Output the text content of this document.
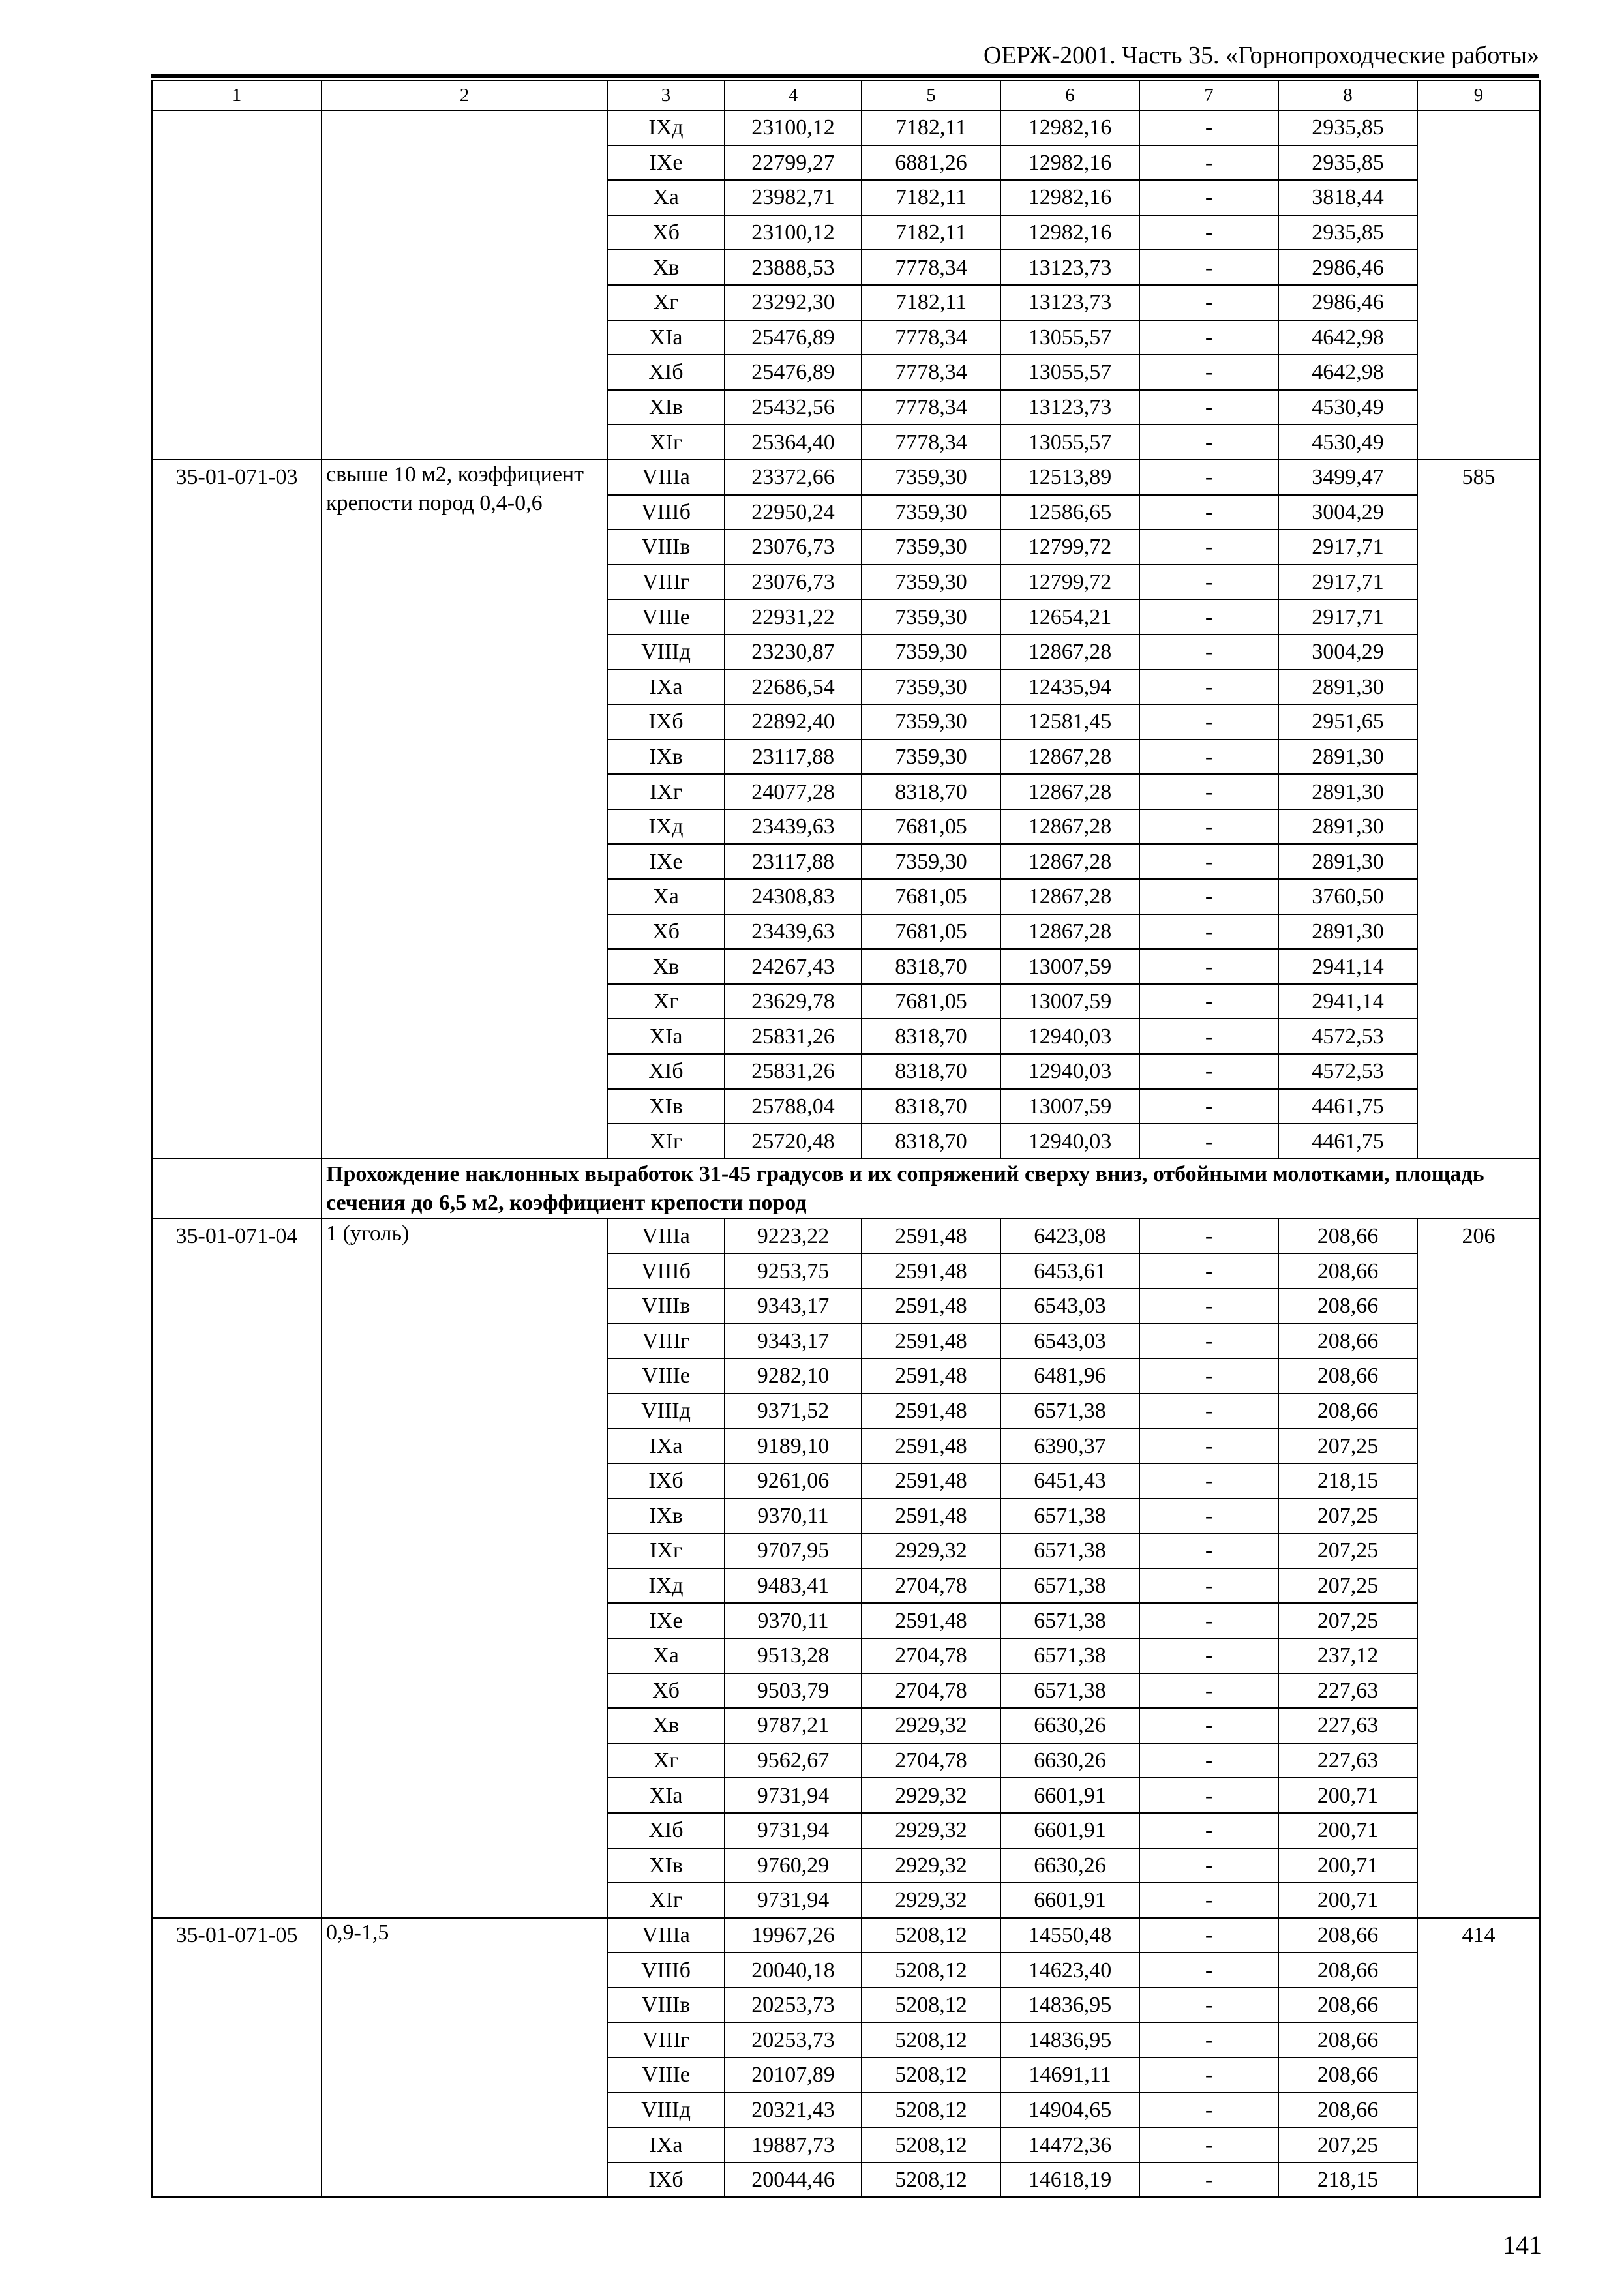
ОЕРЖ-2001. Часть 35. «Горнопроходческие работы»
1	2	3	4	5	6	7	8	9
		IXд	23100,12	7182,11	12982,16	-	2935,85	
		IXe	22799,27	6881,26	12982,16	-	2935,85	
		Xa	23982,71	7182,11	12982,16	-	3818,44	
		Xб	23100,12	7182,11	12982,16	-	2935,85	
		Xв	23888,53	7778,34	13123,73	-	2986,46	
		Xг	23292,30	7182,11	13123,73	-	2986,46	
		XIa	25476,89	7778,34	13055,57	-	4642,98	
		XIб	25476,89	7778,34	13055,57	-	4642,98	
		XIв	25432,56	7778,34	13123,73	-	4530,49	
		XIг	25364,40	7778,34	13055,57	-	4530,49	
35-01-071-03	свыше 10 м2, коэффициент крепости пород 0,4-0,6	VIIIa	23372,66	7359,30	12513,89	-	3499,47	585
		VIIIб	22950,24	7359,30	12586,65	-	3004,29	
		VIIIв	23076,73	7359,30	12799,72	-	2917,71	
		VIIIг	23076,73	7359,30	12799,72	-	2917,71	
		VIIIe	22931,22	7359,30	12654,21	-	2917,71	
		VIIIд	23230,87	7359,30	12867,28	-	3004,29	
		IXa	22686,54	7359,30	12435,94	-	2891,30	
		IXб	22892,40	7359,30	12581,45	-	2951,65	
		IXв	23117,88	7359,30	12867,28	-	2891,30	
		IXг	24077,28	8318,70	12867,28	-	2891,30	
		IXд	23439,63	7681,05	12867,28	-	2891,30	
		IXe	23117,88	7359,30	12867,28	-	2891,30	
		Xa	24308,83	7681,05	12867,28	-	3760,50	
		Xб	23439,63	7681,05	12867,28	-	2891,30	
		Xв	24267,43	8318,70	13007,59	-	2941,14	
		Xг	23629,78	7681,05	13007,59	-	2941,14	
		XIa	25831,26	8318,70	12940,03	-	4572,53	
		XIб	25831,26	8318,70	12940,03	-	4572,53	
		XIв	25788,04	8318,70	13007,59	-	4461,75	
		XIг	25720,48	8318,70	12940,03	-	4461,75	
	Прохождение наклонных выработок 31-45 градусов и их сопряжений сверху вниз, отбойными молотками, площадь сечения до 6,5 м2, коэффициент крепости пород							
35-01-071-04	1 (уголь)	VIIIa	9223,22	2591,48	6423,08	-	208,66	206
		VIIIб	9253,75	2591,48	6453,61	-	208,66	
		VIIIв	9343,17	2591,48	6543,03	-	208,66	
		VIIIг	9343,17	2591,48	6543,03	-	208,66	
		VIIIe	9282,10	2591,48	6481,96	-	208,66	
		VIIIд	9371,52	2591,48	6571,38	-	208,66	
		IXa	9189,10	2591,48	6390,37	-	207,25	
		IXб	9261,06	2591,48	6451,43	-	218,15	
		IXв	9370,11	2591,48	6571,38	-	207,25	
		IXг	9707,95	2929,32	6571,38	-	207,25	
		IXд	9483,41	2704,78	6571,38	-	207,25	
		IXe	9370,11	2591,48	6571,38	-	207,25	
		Xa	9513,28	2704,78	6571,38	-	237,12	
		Xб	9503,79	2704,78	6571,38	-	227,63	
		Xв	9787,21	2929,32	6630,26	-	227,63	
		Xг	9562,67	2704,78	6630,26	-	227,63	
		XIa	9731,94	2929,32	6601,91	-	200,71	
		XIб	9731,94	2929,32	6601,91	-	200,71	
		XIв	9760,29	2929,32	6630,26	-	200,71	
		XIг	9731,94	2929,32	6601,91	-	200,71	
35-01-071-05	0,9-1,5	VIIIa	19967,26	5208,12	14550,48	-	208,66	414
		VIIIб	20040,18	5208,12	14623,40	-	208,66	
		VIIIв	20253,73	5208,12	14836,95	-	208,66	
		VIIIг	20253,73	5208,12	14836,95	-	208,66	
		VIIIe	20107,89	5208,12	14691,11	-	208,66	
		VIIIд	20321,43	5208,12	14904,65	-	208,66	
		IXa	19887,73	5208,12	14472,36	-	207,25	
		IXб	20044,46	5208,12	14618,19	-	218,15	
141
